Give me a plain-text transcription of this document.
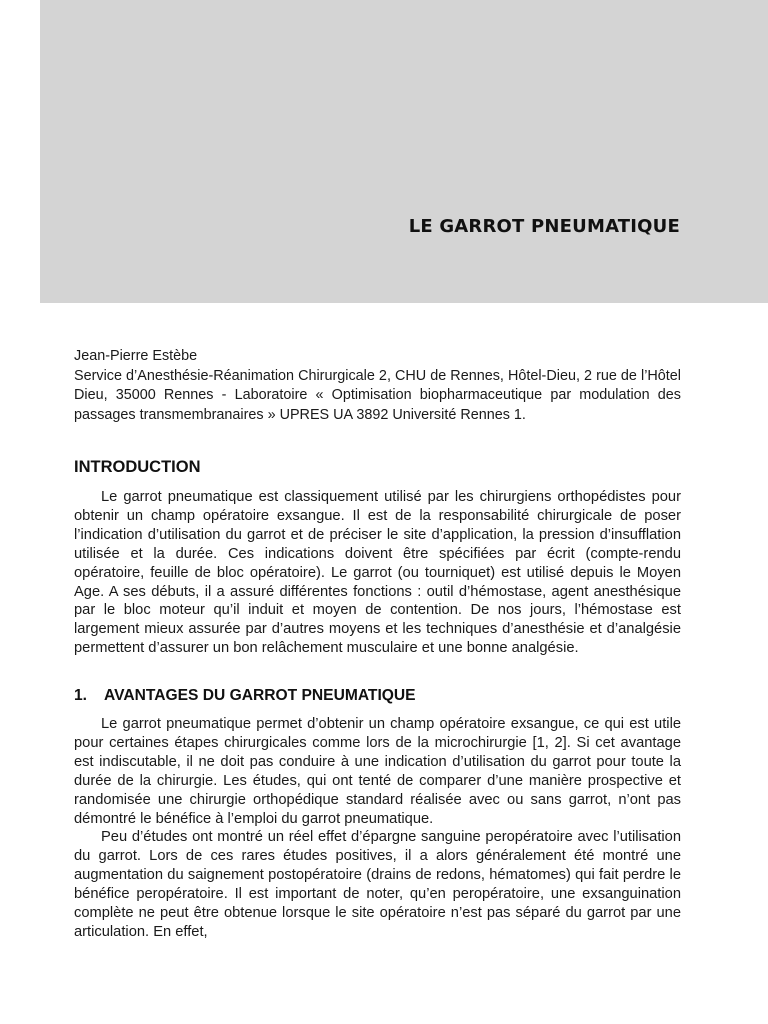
LE GARROT PNEUMATIQUE

Jean-Pierre Estèbe

Service d’Anesthésie-Réanimation Chirurgicale 2, CHU de Rennes, Hôtel-Dieu, 2 rue de l’Hôtel Dieu, 35000 Rennes - Laboratoire « Optimisation biopharmaceutique par modulation des passages transmembranaires » UPRES UA 3892 Université Rennes 1.

INTRODUCTION

Le garrot pneumatique est classiquement utilisé par les chirurgiens orthopédistes pour obtenir un champ opératoire exsangue. Il est de la responsabilité chirurgicale de poser l’indication d’utilisation du garrot et de préciser le site d’application, la pression d’insufflation utilisée et la durée. Ces indications doivent être spécifiées par écrit (compte-rendu opératoire, feuille de bloc opératoire). Le garrot (ou tourniquet) est utilisé depuis le Moyen Age. A ses débuts, il a assuré différentes fonctions : outil d’hémostase, agent anesthésique par le bloc moteur qu’il induit et moyen de contention. De nos jours, l’hémostase est largement mieux assurée par d’autres moyens et les techniques d’anesthésie et d’analgésie permettent d’assurer un bon relâchement musculaire et une bonne analgésie.

1. AVANTAGES DU GARROT PNEUMATIQUE

Le garrot pneumatique permet d’obtenir un champ opératoire exsangue, ce qui est utile pour certaines étapes chirurgicales comme lors de la microchirurgie [1, 2]. Si cet avantage est indiscutable, il ne doit pas conduire à une indication d’utilisation du garrot pour toute la durée de la chirurgie. Les études, qui ont tenté de comparer d’une manière prospective et randomisée une chirurgie orthopédique standard réalisée avec ou sans garrot, n’ont pas démontré le bénéfice à l’emploi du garrot pneumatique.

Peu d’études ont montré un réel effet d’épargne sanguine peropératoire avec l’utilisation du garrot. Lors de ces rares études positives, il a alors généralement été montré une augmentation du saignement postopératoire (drains de redons, hématomes) qui fait perdre le bénéfice peropératoire. Il est important de noter, qu’en peropératoire, une exsanguination complète ne peut être obtenue lorsque le site opératoire n’est pas séparé du garrot par une articulation. En effet,
